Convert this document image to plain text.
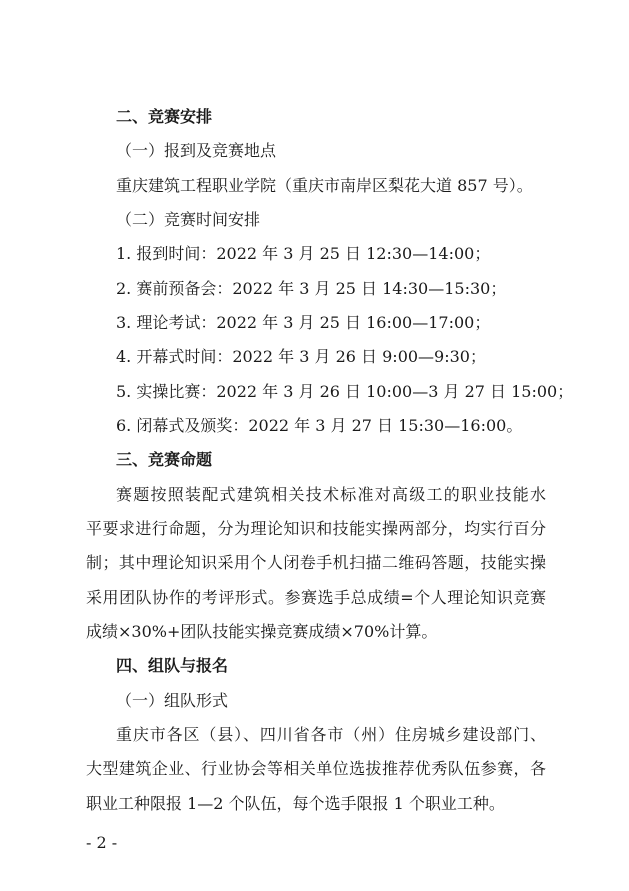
二、竞赛安排
（一）报到及竞赛地点
重庆建筑工程职业学院（重庆市南岸区梨花大道 857 号）。
（二）竞赛时间安排
1. 报到时间：2022 年 3 月 25 日 12:30—14:00；
2. 赛前预备会：2022 年 3 月 25 日 14:30—15:30；
3. 理论考试：2022 年 3 月 25 日 16:00—17:00；
4. 开幕式时间：2022 年 3 月 26 日 9:00—9:30；
5. 实操比赛：2022 年 3 月 26 日 10:00—3 月 27 日 15:00；
6. 闭幕式及颁奖：2022 年 3 月 27 日 15:30—16:00。
三、竞赛命题
赛题按照装配式建筑相关技术标准对高级工的职业技能水
平要求进行命题，分为理论知识和技能实操两部分，均实行百分
制；其中理论知识采用个人闭卷手机扫描二维码答题，技能实操
采用团队协作的考评形式。参赛选手总成绩=个人理论知识竞赛
成绩×30%+团队技能实操竞赛成绩×70%计算。
四、组队与报名
（一）组队形式
重庆市各区（县）、四川省各市（州）住房城乡建设部门、
大型建筑企业、行业协会等相关单位选拔推荐优秀队伍参赛，各
职业工种限报 1—2 个队伍，每个选手限报 1 个职业工种。
- 2 -
